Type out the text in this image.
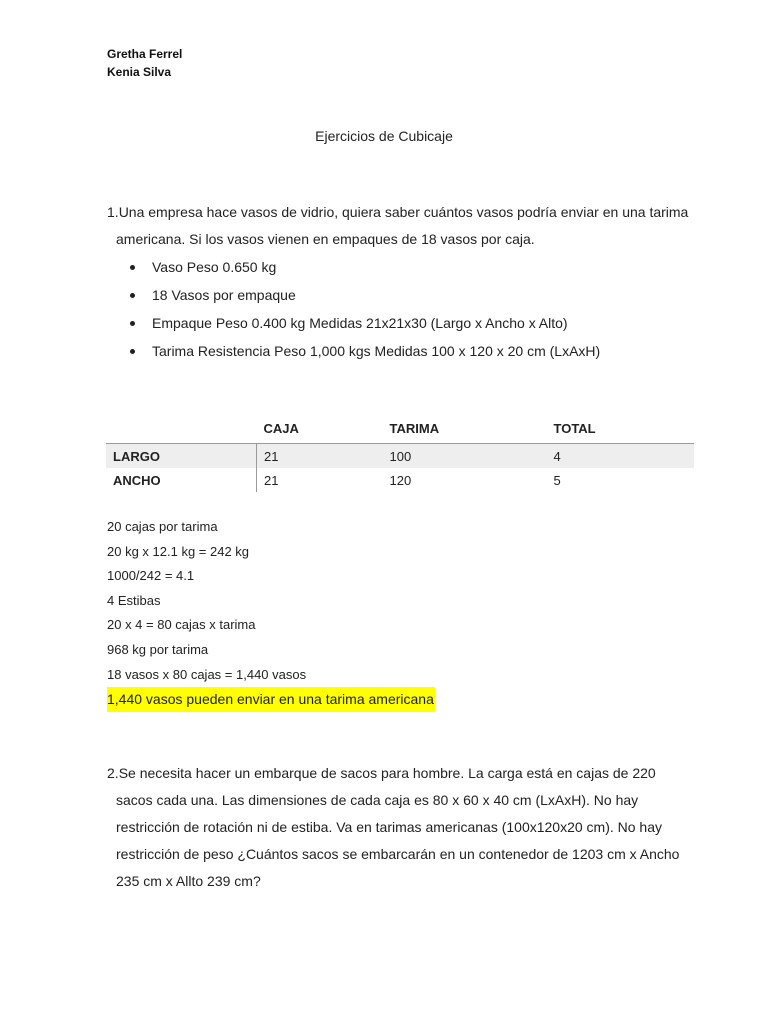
Gretha Ferrel
Kenia Silva
Ejercicios de Cubicaje
1.Una empresa hace vasos de vidrio, quiera saber cuántos vasos podría enviar en una tarima americana. Si los vasos vienen en empaques de 18 vasos por caja.
Vaso Peso 0.650 kg
18 Vasos por empaque
Empaque Peso 0.400 kg Medidas 21x21x30 (Largo x Ancho x Alto)
Tarima Resistencia Peso 1,000 kgs Medidas 100 x 120 x 20 cm (LxAxH)
	CAJA	TARIMA	TOTAL
LARGO	21	100	4
ANCHO	21	120	5
20 cajas por tarima
20 kg x 12.1 kg = 242 kg
1000/242 = 4.1
4 Estibas
20 x 4 = 80 cajas x tarima
968 kg por tarima
18 vasos x 80 cajas = 1,440 vasos
1,440 vasos pueden enviar en una tarima americana
2.Se necesita hacer un embarque de sacos para hombre. La carga está en cajas de 220 sacos cada una. Las dimensiones de cada caja es 80 x 60 x 40 cm (LxAxH). No hay restricción de rotación ni de estiba. Va en tarimas americanas (100x120x20 cm). No hay restricción de peso ¿Cuántos sacos se embarcarán en un contenedor de 1203 cm x Ancho 235 cm x Allto 239 cm?
